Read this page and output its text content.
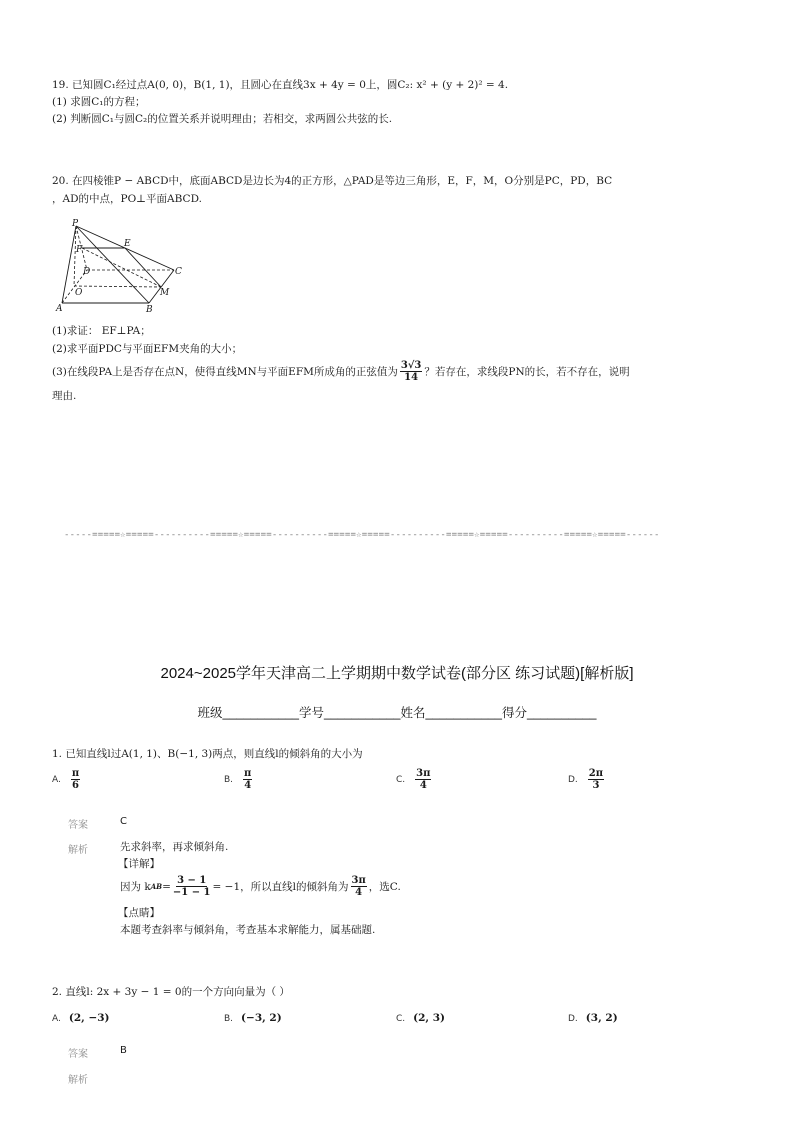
19. 已知圆C₁经过点A(0, 0)，B(1, 1)，且圆心在直线3x + 4y = 0上，圆C₂: x² + (y + 2)² = 4.
(1) 求圆C₁的方程；
(2) 判断圆C₁与圆C₂的位置关系并说明理由；若相交，求两圆公共弦的长.
20. 在四棱锥P − ABCD中，底面ABCD是边长为4的正方形，△PAD是等边三角形，E，F，M，O分别是PC，PD，BC
，AD的中点，PO⊥平面ABCD.
P
E
F
D	C
O	M
A	B
(1)求证： EF⊥PA；
(2)求平面PDC与平面EFM夹角的大小；
(3)在线段PA上是否存在点N，使得直线MN与平面EFM所成角的正弦值为 $\frac{3√3}{14}$ ？若存在，求线段PN的长，若不存在，说明
理由.
-----=====☆=====----------=====☆=====----------=====☆=====----------=====☆=====----------=====☆=====------
2024~2025学年天津高二上学期期中数学试卷(部分区 练习试题)[解析版]
班级___________学号___________姓名___________得分__________
1. 已知直线l过A(1, 1)、B(−1, 3)两点，则直线l的倾斜角的大小为
A. $\frac{\pi}{6}$	B. $\frac{\pi}{4}$	C. $\frac{3\pi}{4}$	D. $\frac{2\pi}{3}$
答案	C
解析	先求斜率，再求倾斜角.
【详解】
因为 k AB = $\frac{3 - 1}{-1 - 1} = -1$，所以直线l的倾斜角为 $\frac{3\pi}{4}$ ，选C.
【点睛】
本题考查斜率与倾斜角，考查基本求解能力，属基础题.
2. 直线l: 2x + 3y − 1 = 0的一个方向向量为（ ）
A. (2, −3)	B. (−3, 2)	C. (2, 3)	D. (3, 2)
答案	B
解析
